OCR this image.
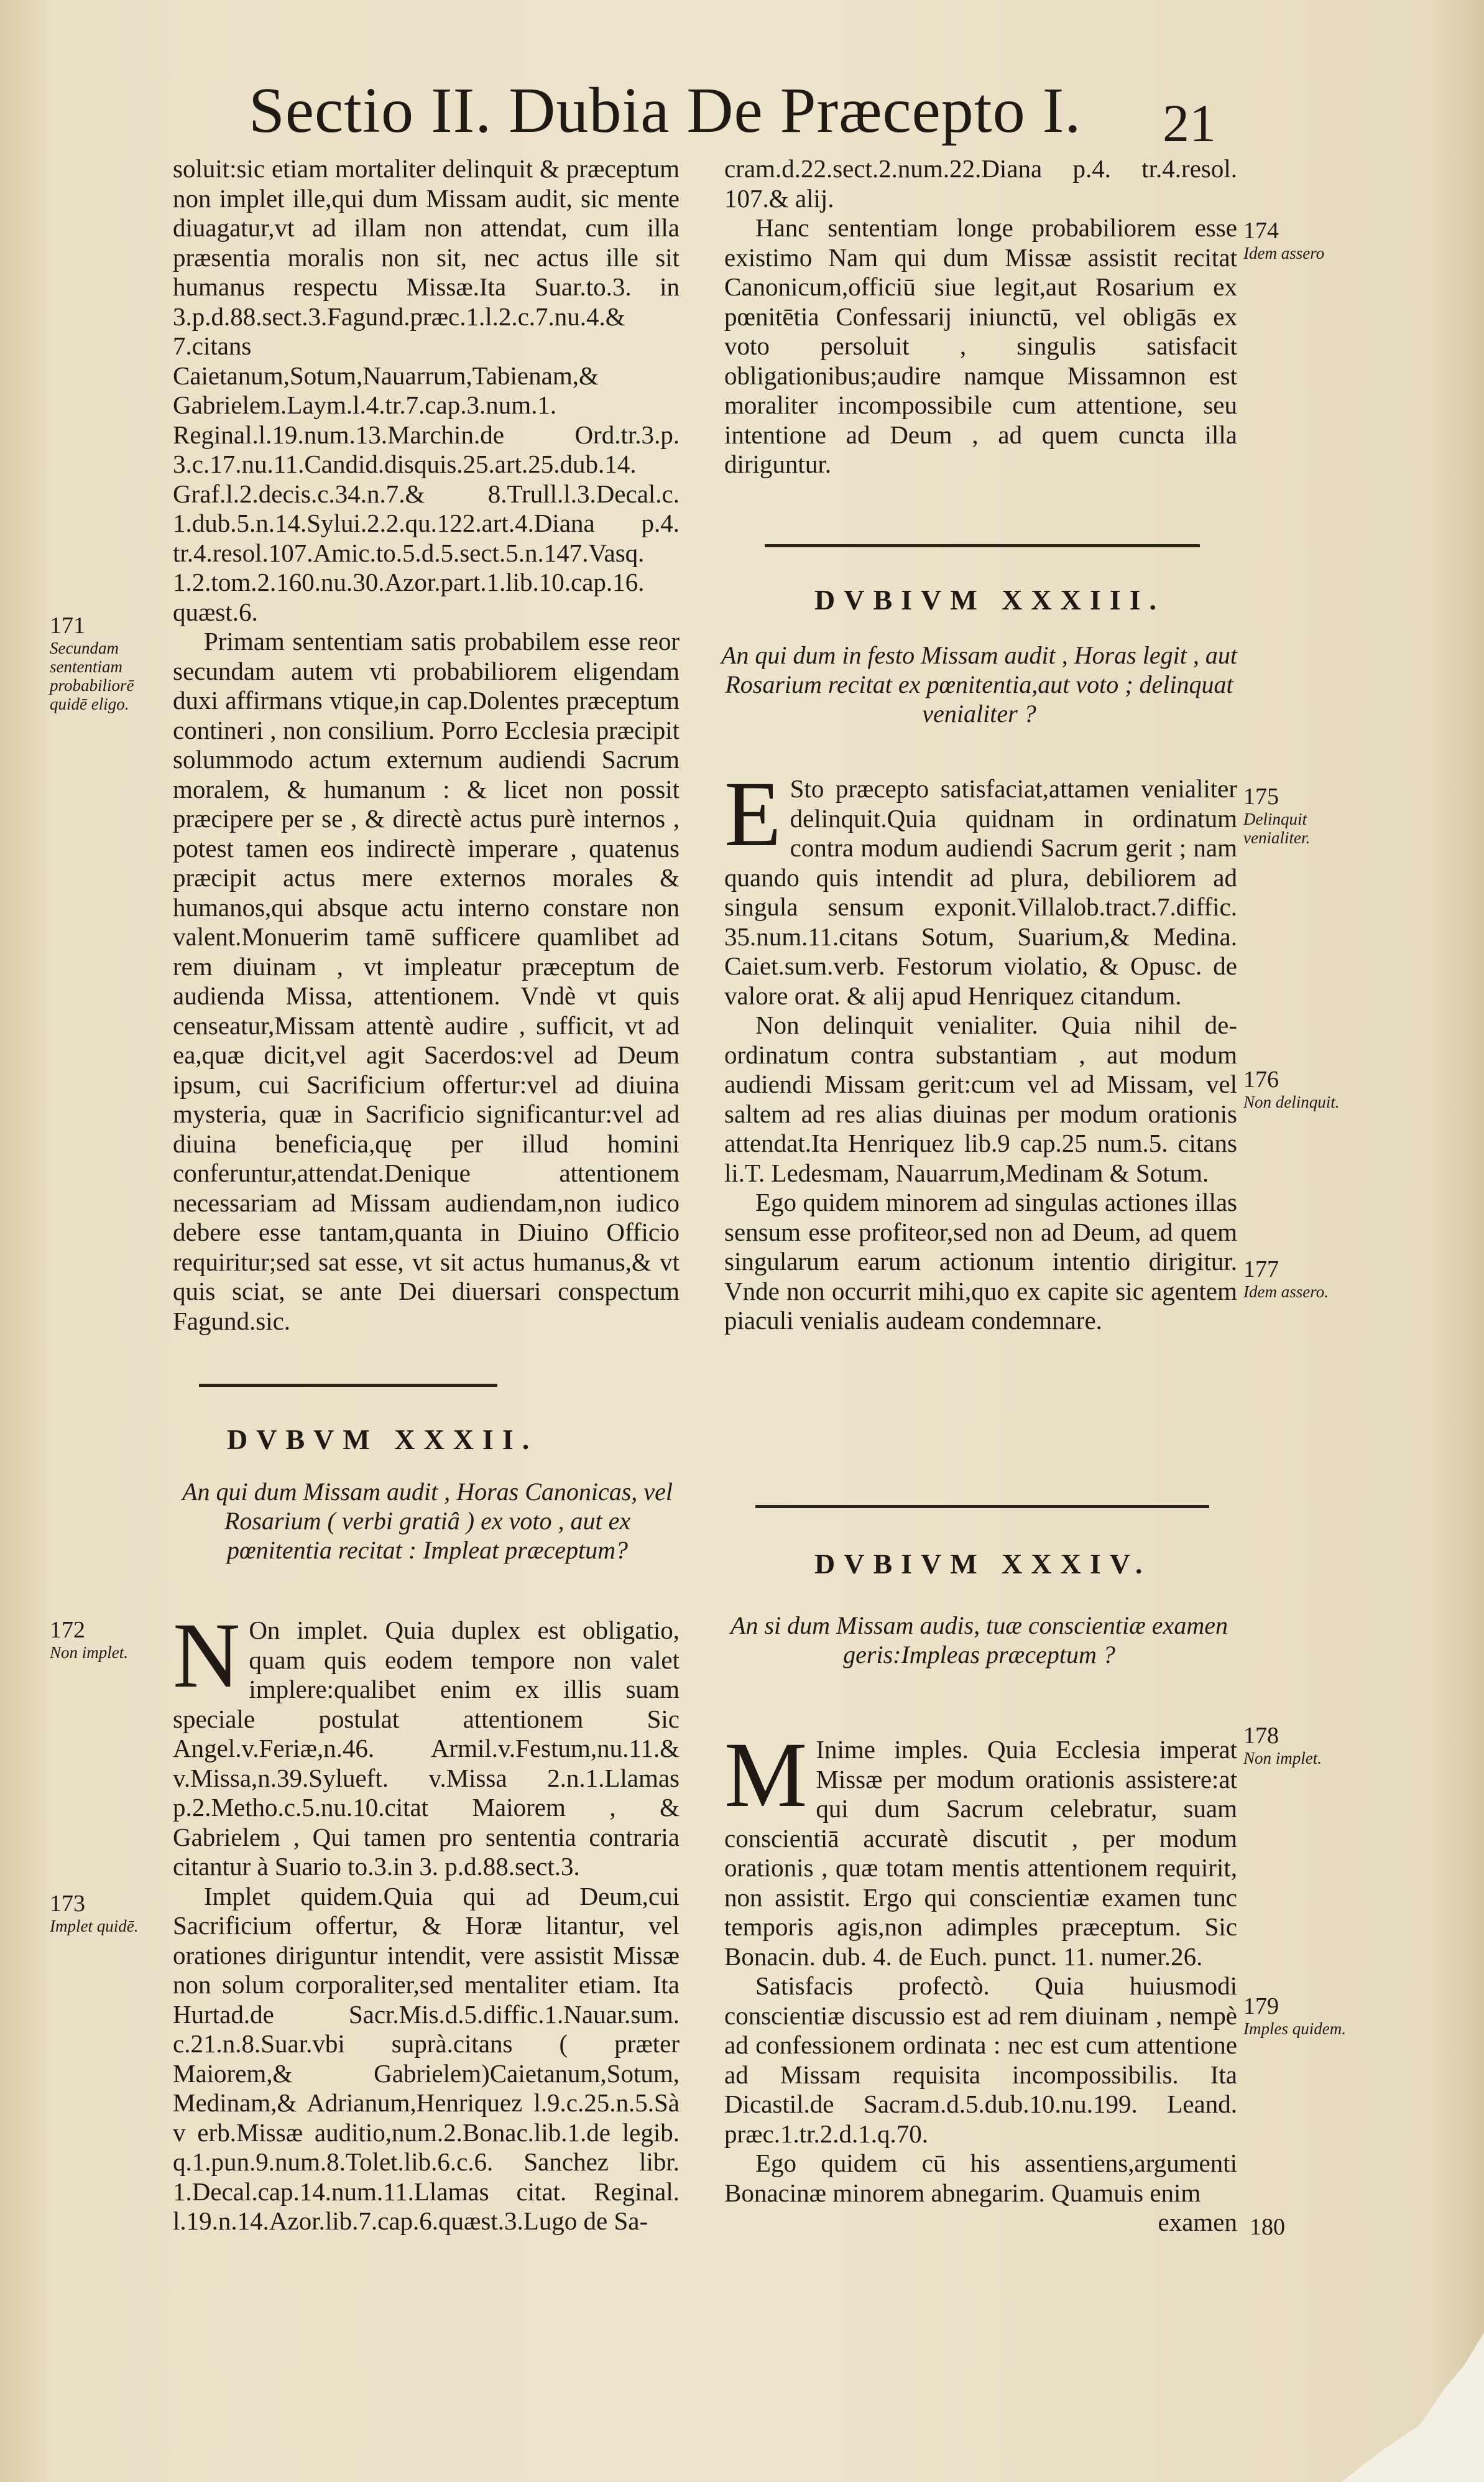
Sectio II. Dubia De Præcepto I.	21

soluit:sic etiam mortaliter delinquit & præceptum non implet ille,qui dum Missam audit, sic mente diuagatur,vt ad illam non attendat, cum illa præsentia moralis non sit, nec actus ille sit humanus respectu Missæ.Ita Suar.to.3. in 3.p.d.88.sect.3.Fagund.præc.1.l.2.c.7.nu.4.& 7.citans Caietanum,Sotum,Nauarrum,Tabienam,& Gabrielem.Laym.l.4.tr.7.cap.3.num.1. Reginal.l.19.num.13.Marchin.de Ord.tr.3.p. 3.c.17.nu.11.Candid.disquis.25.art.25.dub.14. Graf.l.2.decis.c.34.n.7.& 8.Trull.l.3.Decal.c. 1.dub.5.n.14.Sylui.2.2.qu.122.art.4.Diana p.4. tr.4.resol.107.Amic.to.5.d.5.sect.5.n.147.Vasq. 1.2.tom.2.160.nu.30.Azor.part.1.lib.10.cap.16. quæst.6.

Primam sententiam satis probabilem esse reor secundam autem vti probabiliorem eligendam duxi affirmans vtique,in cap.Dolentes præceptum contineri , non consilium. Porro Ecclesia præcipit solummodo actum externum audiendi Sacrum moralem, & humanum : & licet non possit præcipere per se , & directè actus purè internos , potest tamen eos indirectè imperare , quatenus præcipit actus mere externos morales & humanos,qui absque actu interno constare non valent.Monuerim tamē sufficere quamlibet ad rem diuinam , vt impleatur præceptum de audienda Missa, attentionem. Vndè vt quis censeatur,Missam attentè audire , sufficit, vt ad ea,quæ dicit,vel agit Sacerdos:vel ad Deum ipsum, cui Sacrificium offertur:vel ad diuina mysteria, quæ in Sacrificio significantur:vel ad diuina beneficia,quę per illud homini conferuntur,attendat.Denique attentionem necessariam ad Missam audiendam,non iudico debere esse tantam,quanta in Diuino Officio requiritur;sed sat esse, vt sit actus humanus,& vt quis sciat, se ante Dei diuersari conspectum Fagund.sic.

DVBVM XXXII.
An qui dum Missam audit , Horas Canonicas, vel Rosarium ( verbi gratiâ ) ex voto , aut ex pœnitentia recitat : Impleat præceptum?

N On implet. Quia duplex est obligatio, quam quis eodem tempore non valet implere:qualibet enim ex illis suam speciale postulat attentionem Sic Angel.v.Feriæ,n.46. Armil.v.Festum,nu.11.& v.Missa,n.39.Sylueft. v.Missa 2.n.1.Llamas p.2.Metho.c.5.nu.10.citat Maiorem , & Gabrielem , Qui tamen pro sententia contraria citantur à Suario to.3.in 3. p.d.88.sect.3.

Implet quidem.Quia qui ad Deum,cui Sacrificium offertur, & Horæ litantur, vel orationes diriguntur intendit, vere assistit Missæ non solum corporaliter,sed mentaliter etiam. Ita Hurtad.de Sacr.Mis.d.5.diffic.1.Nauar.sum. c.21.n.8.Suar.vbi suprà.citans ( præter Maiorem,& Gabrielem)Caietanum,Sotum, Medinam,& Adrianum,Henriquez l.9.c.25.n.5.Sà v erb.Missæ auditio,num.2.Bonac.lib.1.de legib. q.1.pun.9.num.8.Tolet.lib.6.c.6. Sanchez libr. 1.Decal.cap.14.num.11.Llamas citat. Reginal. l.19.n.14.Azor.lib.7.cap.6.quæst.3.Lugo de Sa-

cram.d.22.sect.2.num.22.Diana p.4. tr.4.resol. 107.& alij.

Hanc sententiam longe probabiliorem esse existimo Nam qui dum Missæ assistit recitat Canonicum,officiū siue legit,aut Rosarium ex pœnitētia Confessarij iniunctū, vel obligās ex voto persoluit , singulis satisfacit obligationibus;audire namque Missamnon est moraliter incompossibile cum attentione, seu intentione ad Deum , ad quem cuncta illa diriguntur.

DVBIVM XXXIII.
An qui dum in festo Missam audit , Horas legit , aut Rosarium recitat ex pœnitentia,aut voto ; delinquat venialiter ?

E Sto præcepto satisfaciat,attamen venialiter delinquit.Quia quidnam in ordinatum contra modum audiendi Sacrum gerit ; nam quando quis intendit ad plura, debiliorem ad singula sensum exponit.Villalob.tract.7.diffic. 35.num.11.citans Sotum, Suarium,& Medina. Caiet.sum.verb. Festorum violatio, & Opusc. de valore orat. & alij apud Henriquez citandum.

Non delinquit venialiter. Quia nihil de-ordinatum contra substantiam , aut modum audiendi Missam gerit:cum vel ad Missam, vel saltem ad res alias diuinas per modum orationis attendat.Ita Henriquez lib.9 cap.25 num.5. citans li.T. Ledesmam, Nauarrum,Medinam & Sotum.

Ego quidem minorem ad singulas actiones illas sensum esse profiteor,sed non ad Deum, ad quem singularum earum actionum intentio dirigitur. Vnde non occurrit mihi,quo ex capite sic agentem piaculi venialis audeam condemnare.

DVBIVM XXXIV.
An si dum Missam audis, tuæ conscientiæ examen geris:Impleas præceptum ?

M Inime imples. Quia Ecclesia imperat Missæ per modum orationis assistere:at qui dum Sacrum celebratur, suam conscientiā accuratè discutit , per modum orationis , quæ totam mentis attentionem requirit, non assistit. Ergo qui conscientiæ examen tunc temporis agis,non adimples præceptum. Sic Bonacin. dub. 4. de Euch. punct. 11. numer.26.

Satisfacis profectò. Quia huiusmodi conscientiæ discussio est ad rem diuinam , nempè ad confessionem ordinata : nec est cum attentione ad Missam requisita incompossibilis. Ita Dicastil.de Sacram.d.5.dub.10.nu.199. Leand. præc.1.tr.2.d.1.q.70.

Ego quidem cū his assentiens,argumenti Bonacinæ minorem abnegarim. Quamuis enim

examen

171
Secundam sententiam probabiliorē quidē eligo.
172
Non implet.
173
Implet quidē.
174
Idem assero
175
Delinquit venialiter.
176
Non delinquit.
177
Idem assero.
178
Non implet.
179
Imples quidem.
180
